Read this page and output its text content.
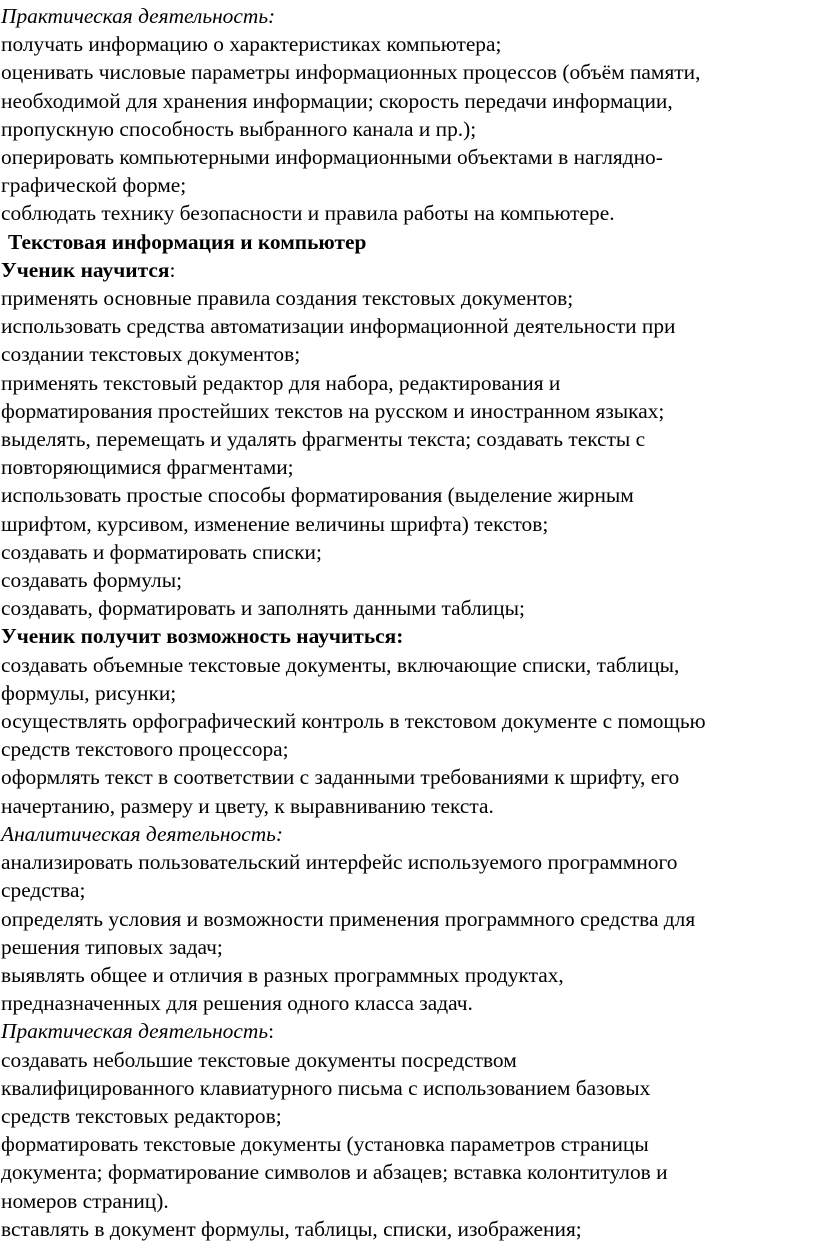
Практическая деятельность:
получать информацию о характеристиках компьютера;
оценивать числовые параметры информационных процессов (объём памяти,
необходимой для хранения информации; скорость передачи информации,
пропускную способность выбранного канала и пр.);
оперировать компьютерными информационными объектами в наглядно-
графической форме;
соблюдать технику безопасности и правила работы на компьютере.
Текстовая информация и компьютер
Ученик научится:
применять основные правила создания текстовых документов;
использовать средства автоматизации информационной деятельности при
создании текстовых документов;
применять текстовый редактор для набора, редактирования и
форматирования простейших текстов на русском и иностранном языках;
выделять, перемещать и удалять фрагменты текста; создавать тексты с
повторяющимися фрагментами;
использовать простые способы форматирования (выделение жирным
шрифтом, курсивом, изменение величины шрифта) текстов;
создавать и форматировать списки;
создавать формулы;
создавать, форматировать и заполнять данными таблицы;
Ученик получит возможность научиться:
создавать объемные текстовые документы, включающие списки, таблицы,
формулы, рисунки;
осуществлять орфографический контроль в текстовом документе с помощью
средств текстового процессора;
оформлять текст в соответствии с заданными требованиями к шрифту, его
начертанию, размеру и цвету, к выравниванию текста.
Аналитическая деятельность:
анализировать пользовательский интерфейс используемого программного
средства;
определять условия и возможности применения программного средства для
решения типовых задач;
выявлять общее и отличия в разных программных продуктах,
предназначенных для решения одного класса задач.
Практическая деятельность:
создавать небольшие текстовые документы посредством
квалифицированного клавиатурного письма с использованием базовых
средств текстовых редакторов;
форматировать текстовые документы (установка параметров страницы
документа; форматирование символов и абзацев; вставка колонтитулов и
номеров страниц).
вставлять в документ формулы, таблицы, списки, изображения;
